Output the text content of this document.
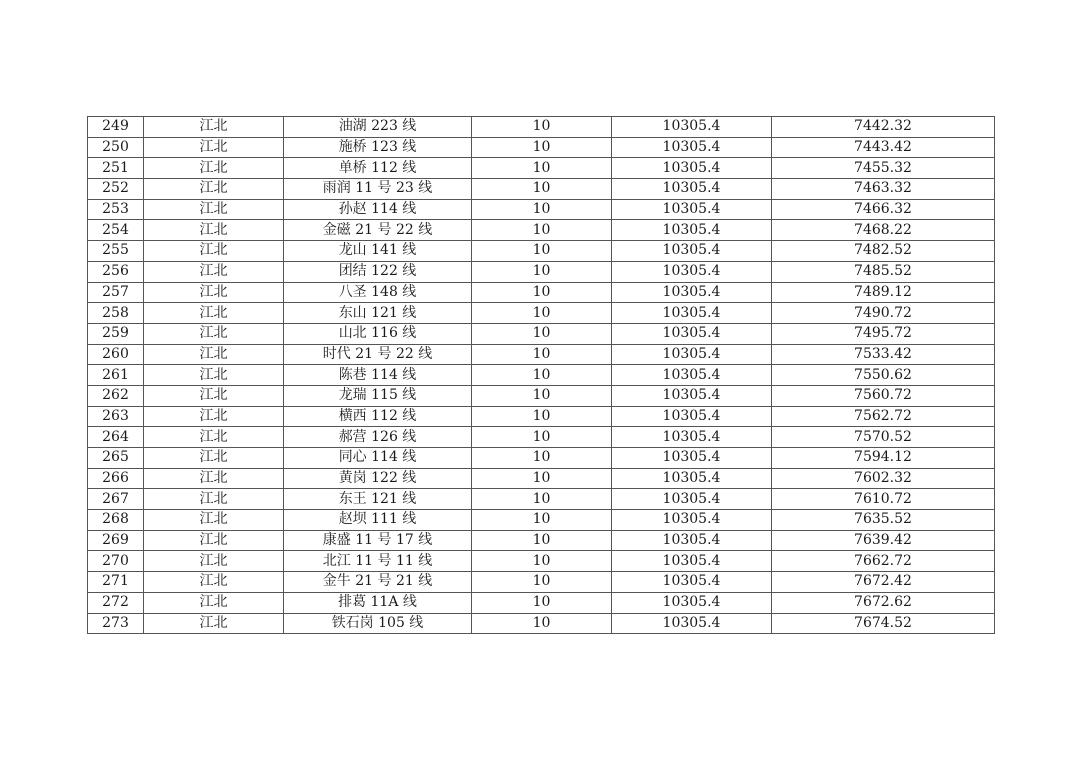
249	江北	油湖 223 线	10	10305.4	7442.32
250	江北	施桥 123 线	10	10305.4	7443.42
251	江北	单桥 112 线	10	10305.4	7455.32
252	江北	雨润 11 号 23 线	10	10305.4	7463.32
253	江北	孙赵 114 线	10	10305.4	7466.32
254	江北	金磁 21 号 22 线	10	10305.4	7468.22
255	江北	龙山 141 线	10	10305.4	7482.52
256	江北	团结 122 线	10	10305.4	7485.52
257	江北	八圣 148 线	10	10305.4	7489.12
258	江北	东山 121 线	10	10305.4	7490.72
259	江北	山北 116 线	10	10305.4	7495.72
260	江北	时代 21 号 22 线	10	10305.4	7533.42
261	江北	陈巷 114 线	10	10305.4	7550.62
262	江北	龙瑞 115 线	10	10305.4	7560.72
263	江北	横西 112 线	10	10305.4	7562.72
264	江北	郝营 126 线	10	10305.4	7570.52
265	江北	同心 114 线	10	10305.4	7594.12
266	江北	黄岗 122 线	10	10305.4	7602.32
267	江北	东王 121 线	10	10305.4	7610.72
268	江北	赵坝 111 线	10	10305.4	7635.52
269	江北	康盛 11 号 17 线	10	10305.4	7639.42
270	江北	北江 11 号 11 线	10	10305.4	7662.72
271	江北	金牛 21 号 21 线	10	10305.4	7672.42
272	江北	排葛 11A 线	10	10305.4	7672.62
273	江北	铁石岗 105 线	10	10305.4	7674.52
